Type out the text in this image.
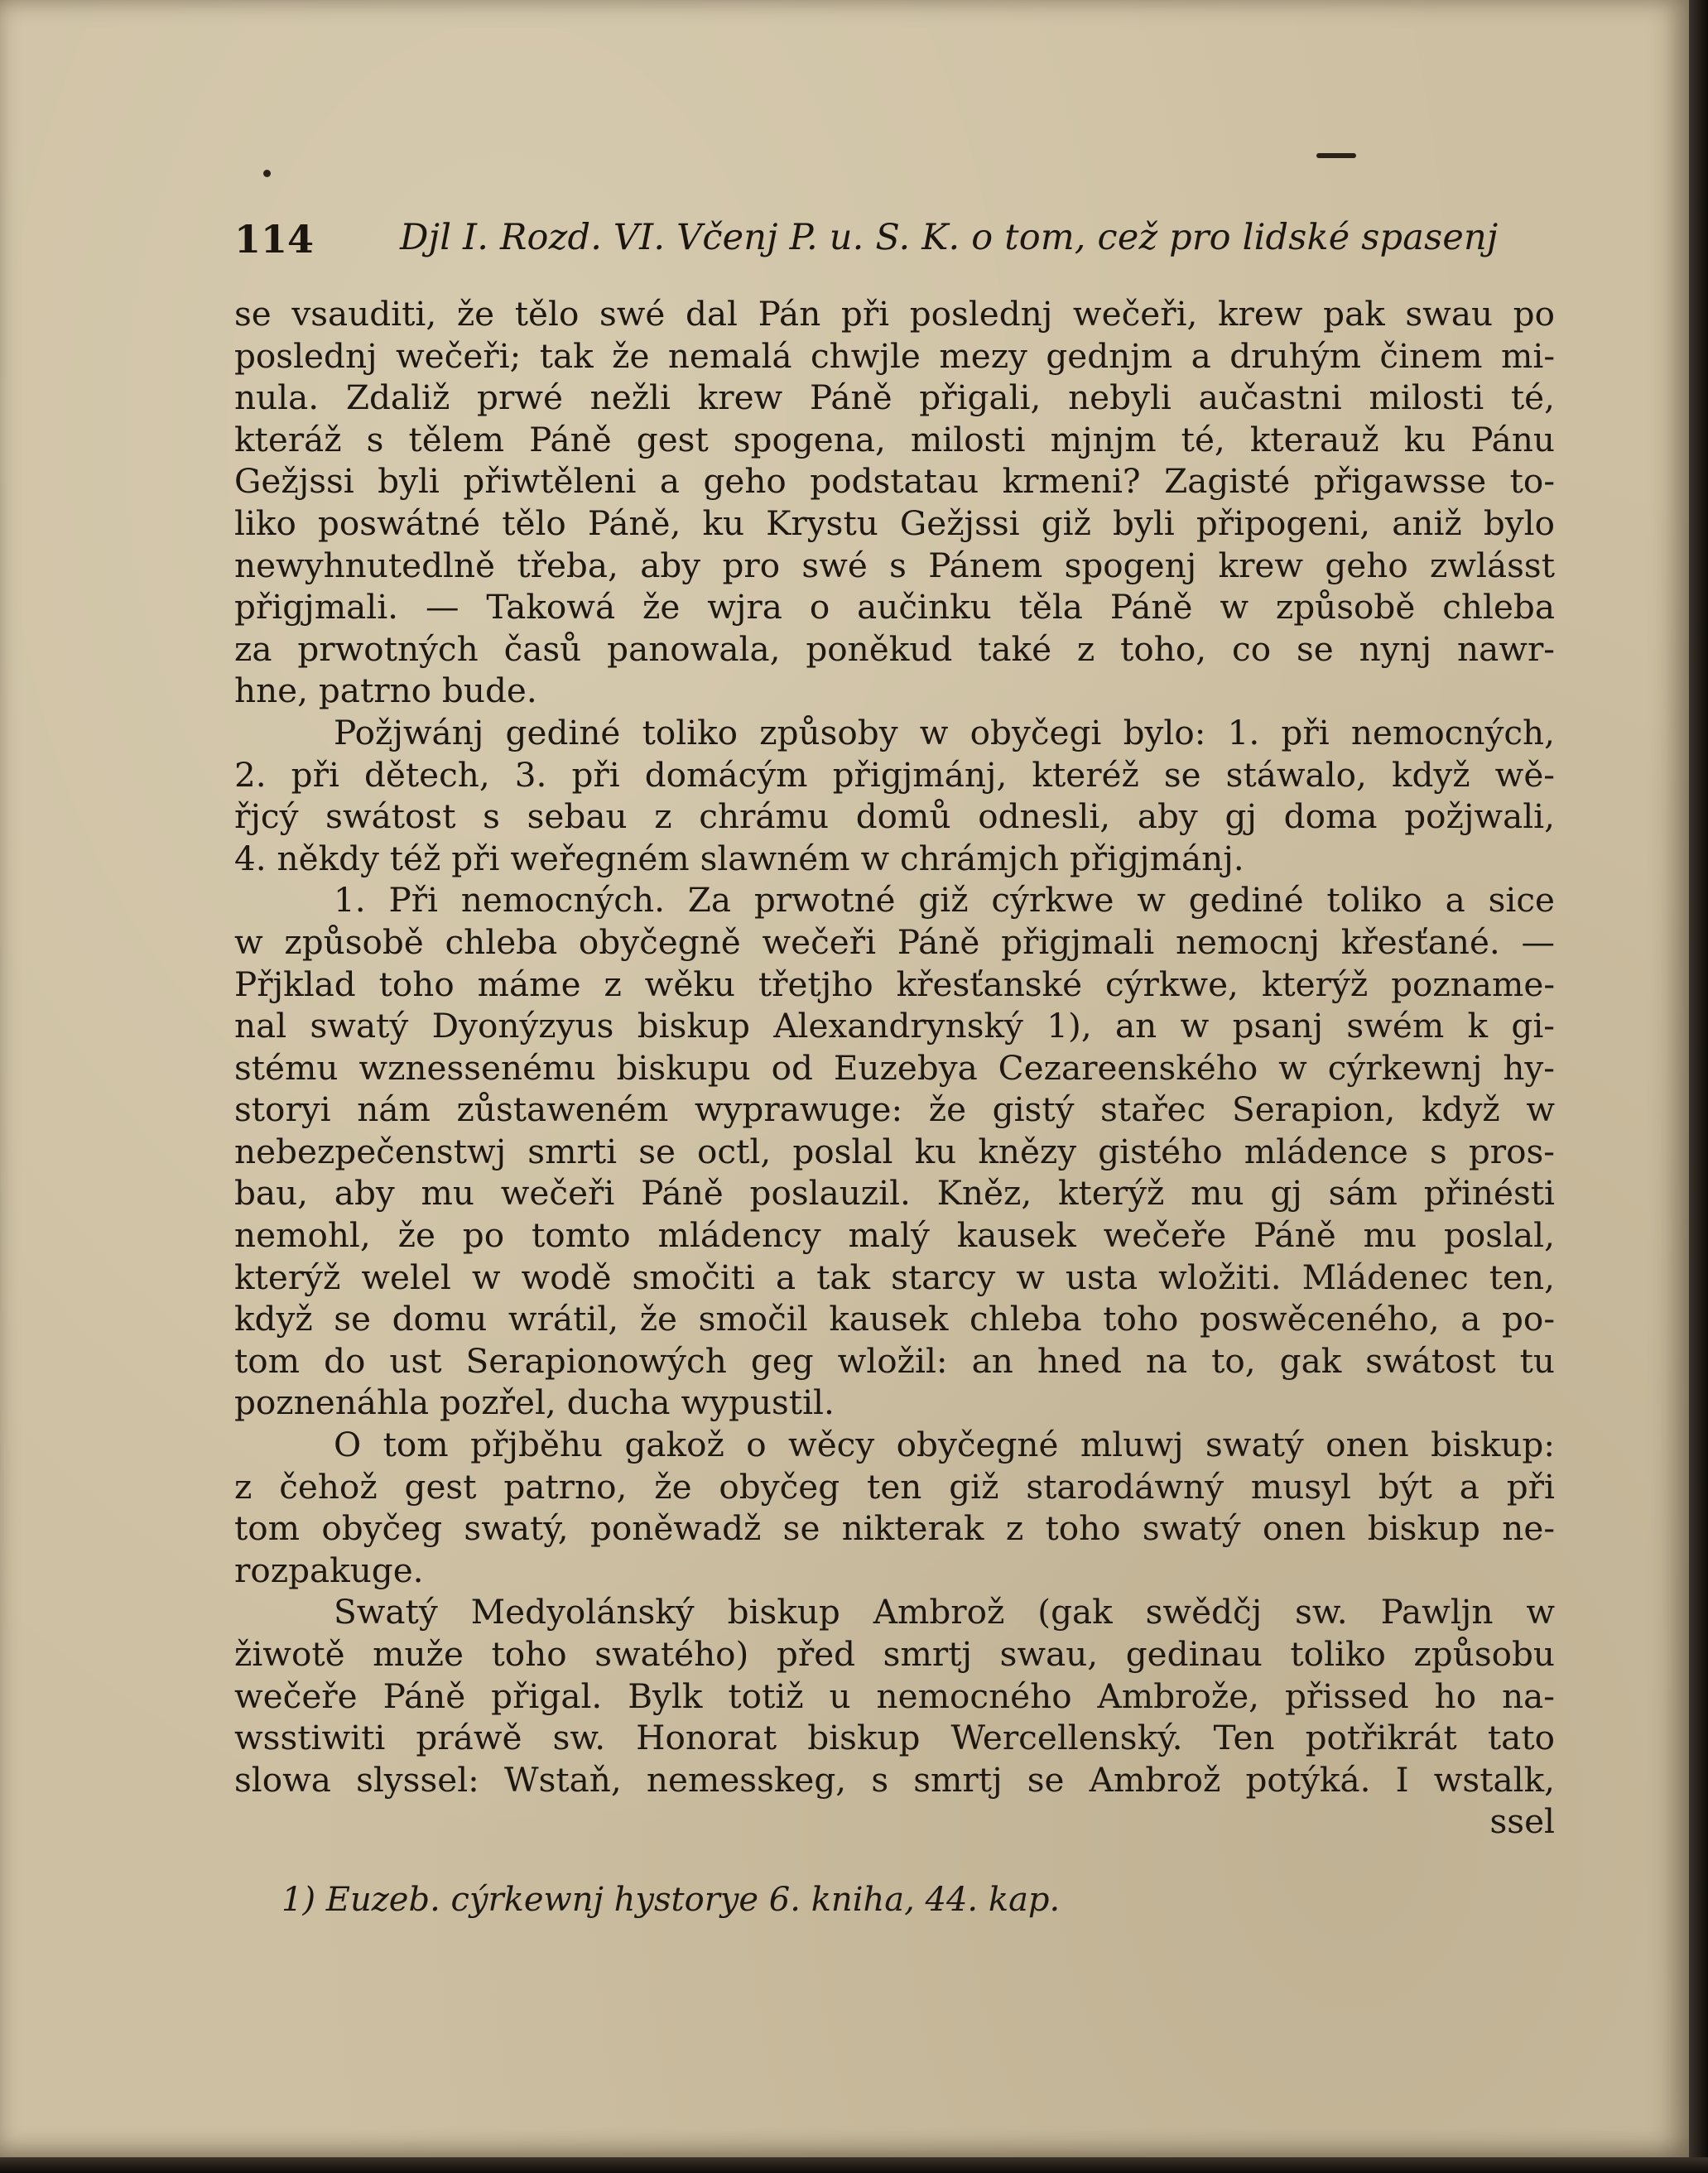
114 Djl I. Rozd. VI. Včenj P. u. S. K. o tom, cež pro lidské spasenj
se vsauditi, že tělo swé dal Pán při poslednj wečeři, krew pak swau po
poslednj wečeři; tak že nemalá chwjle mezy gednjm a druhým činem mi-
nula. Zdaliž prwé nežli krew Páně přigali, nebyli aučastni milosti té,
kteráž s tělem Páně gest spogena, milosti mjnjm té, kterauž ku Pánu
Gežjssi byli přiwtěleni a geho podstatau krmeni? Zagisté přigawsse to-
liko poswátné tělo Páně, ku Krystu Gežjssi giž byli připogeni, aniž bylo
newyhnutedlně třeba, aby pro swé s Pánem spogenj krew geho zwlásst
přigjmali. — Takowá že wjra o aučinku těla Páně w způsobě chleba
za prwotných časů panowala, poněkud také z toho, co se nynj nawr-
hne, patrno bude.
Požjwánj gediné toliko způsoby w obyčegi bylo: 1. při nemocných,
2. při dětech, 3. při domácým přigjmánj, kteréž se stáwalo, když wě-
řjcý swátost s sebau z chrámu domů odnesli, aby gj doma požjwali,
4. někdy též při weřegném slawném w chrámjch přigjmánj.
1. Při nemocných. Za prwotné giž cýrkwe w gediné toliko a sice
w způsobě chleba obyčegně wečeři Páně přigjmali nemocnj křesťané. —
Přjklad toho máme z wěku třetjho křesťanské cýrkwe, kterýž poznamе-
nal swatý Dyonýzyus biskup Alexandrynský 1), an w psanj swém k gi-
stému wznessenému biskupu od Euzebya Cezareenského w cýrkewnj hy-
storyi nám zůstawеném wyprawuge: že gistý stařec Serapion, když w
nebezpečenstwj smrti se octl, poslal ku knězy gistého mládence s pros-
bau, aby mu wečeři Páně poslauzil. Kněz, kterýž mu gj sám přinésti
nemohl, že po tomto mládency malý kausek wečeře Páně mu poslal,
kterýž welel w wodě smočiti a tak starcy w usta wložiti. Mládenec ten,
když se domu wrátil, že smočil kausek chleba toho poswěceného, a po-
tom do ust Serapionowých geg wložil: an hned na to, gak swátost tu
poznenáhla pozřel, ducha wypustil.
O tom přjběhu gakož o wěcy obyčegné mluwj swatý onen biskup:
z čehož gest patrno, že obyčeg ten giž starodáwný musyl být a při
tom obyčeg swatý, poněwadž se nikterak z toho swatý onen biskup ne-
rozpakuge.
Swatý Medyolánský biskup Ambrož (gak swědčj sw. Pawljn w
žiwotě muže toho swatého) před smrtj swau, gedinau toliko způsobu
wečeře Páně přigal. Bylk totiž u nemocného Ambrože, přissed ho na-
wsstiwiti práwě sw. Honorat biskup Wercellenský. Ten potřikrát tato
slowa slyssel: Wstaň, nemesskeg, s smrtj se Ambrož potýká. I wstalk,
ssel
1) Euzeb. cýrkewnj hystorye 6. kniha, 44. kap.
